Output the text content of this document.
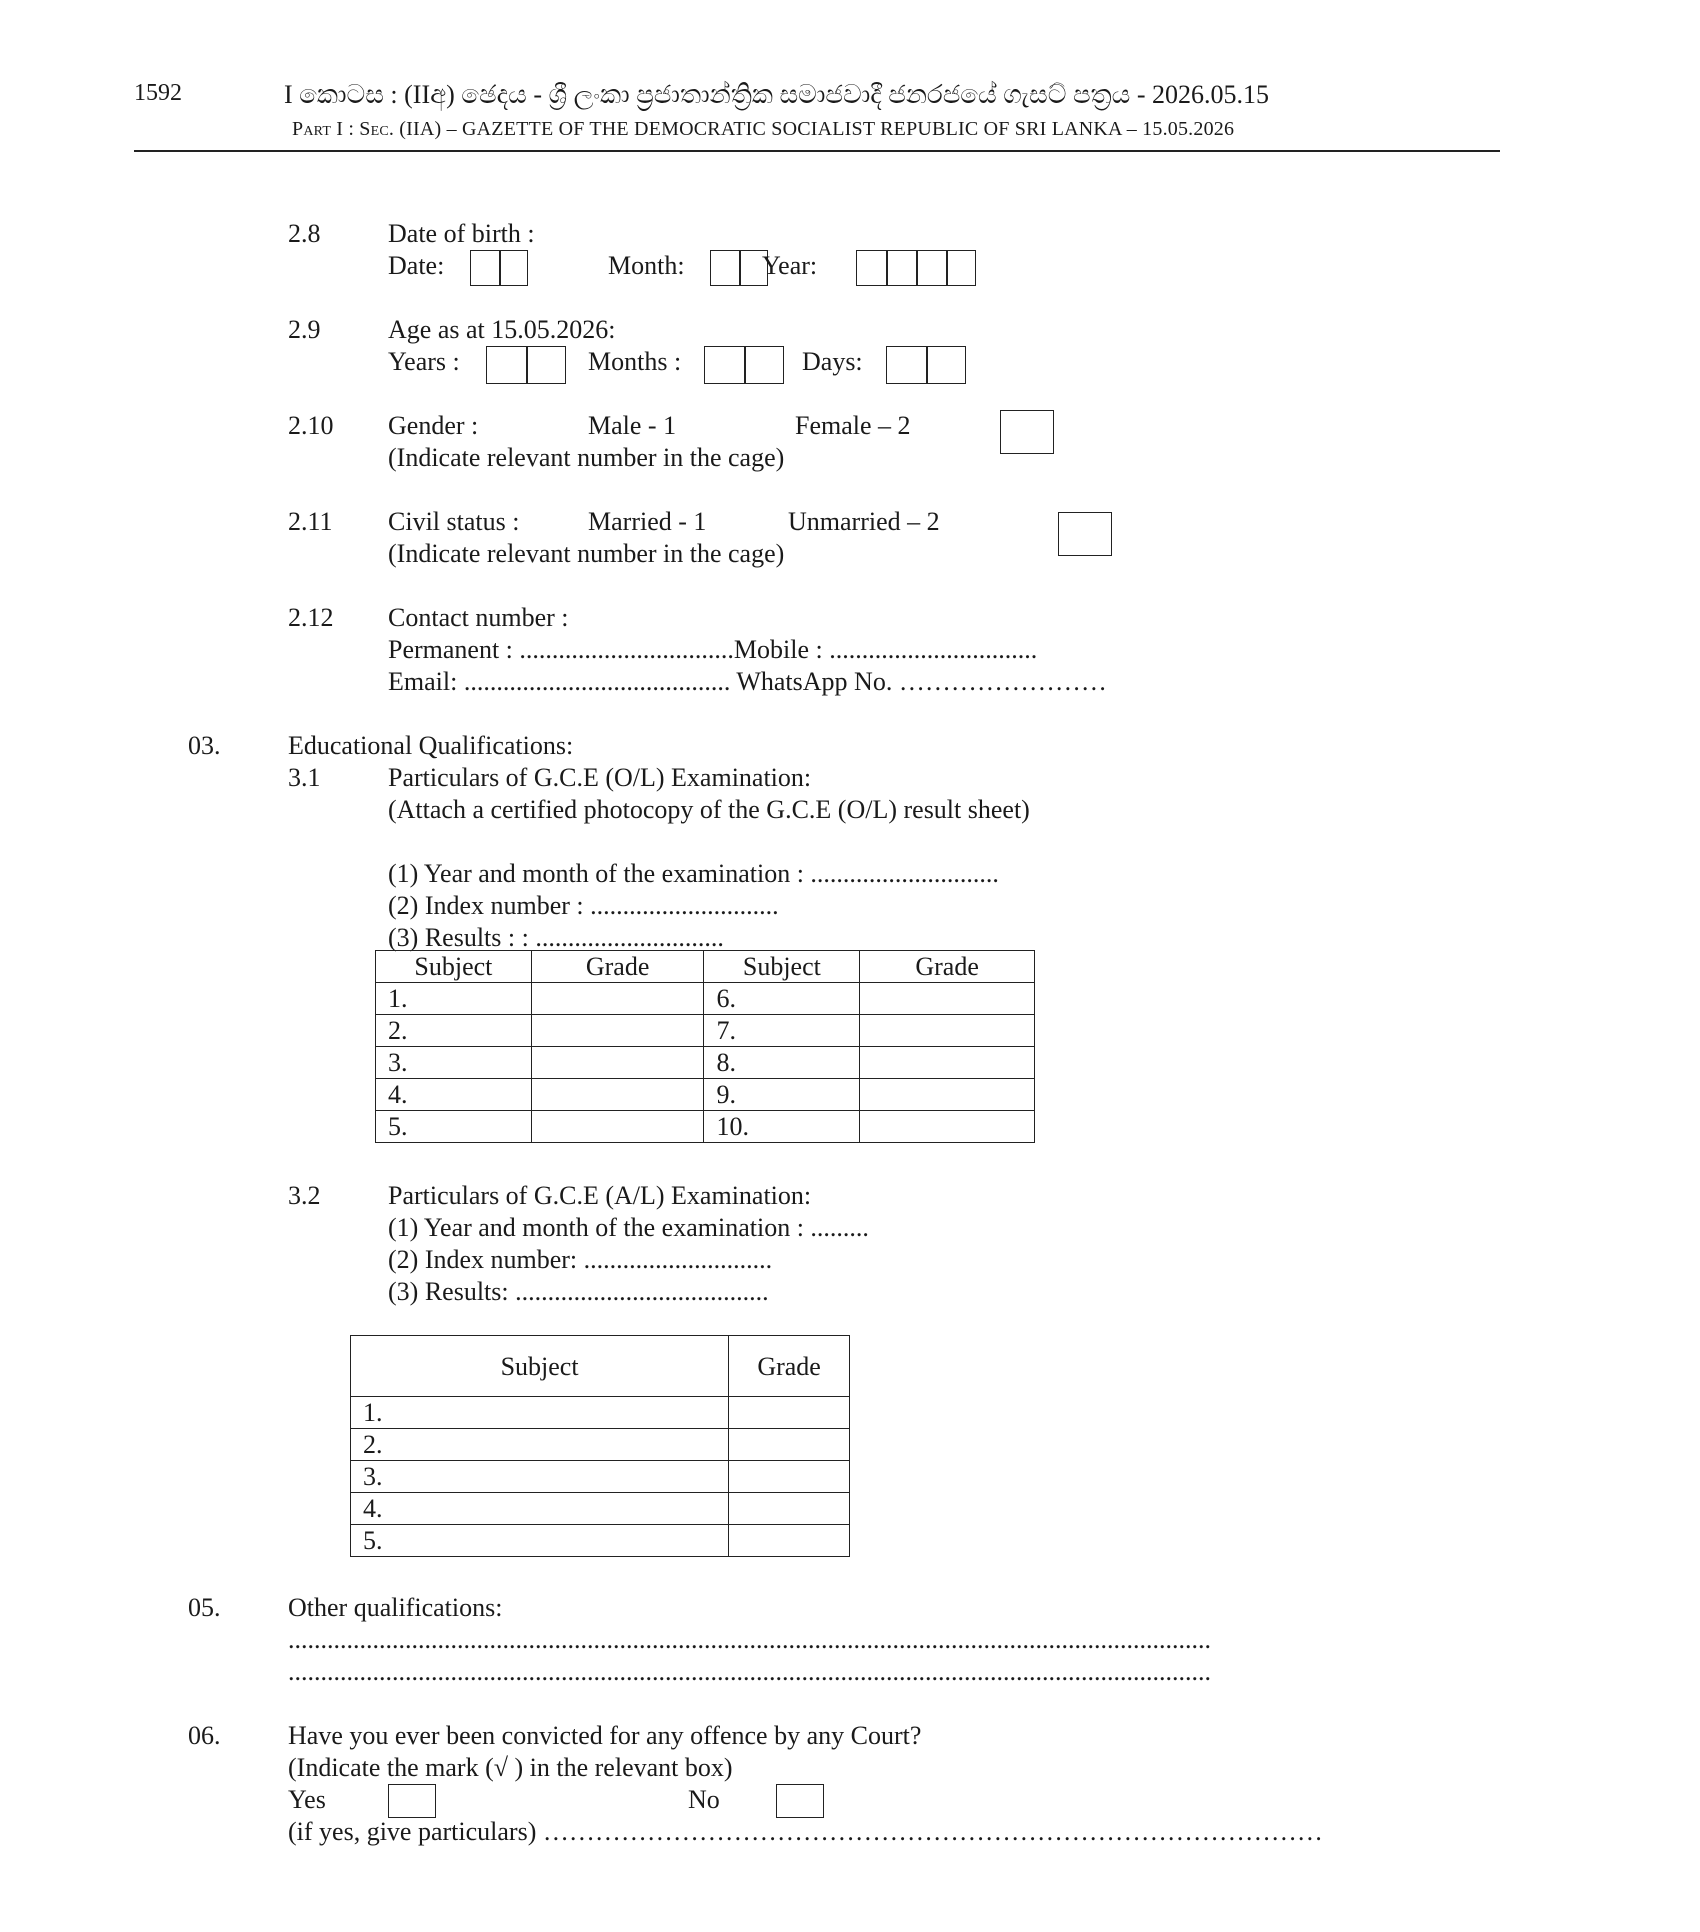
1592	I කොටස : (IIඅ) ඡෙදය - ශ්‍රී ලංකා ප්‍රජාතාන්ත්‍රික සමාජවාදී ජනරජයේ ගැසට් පත්‍රය - 2026.05.15
Part I : Sec. (IIA) – GAZETTE OF THE DEMOCRATIC SOCIALIST REPUBLIC OF SRI LANKA – 15.05.2026
2.8	Date of birth :
Date:	Month:	Year:
2.9	Age as at 15.05.2026:
Years :	Months :	Days:
2.10 Gender :	Male - 1	Female – 2
(Indicate relevant number in the cage)
2.11 Civil status :	Married - 1	Unmarried – 2
(Indicate relevant number in the cage)
2.12 Contact number :
Permanent : .................................Mobile : ................................
Email: ......................................... WhatsApp No. ……………………
03.	Educational Qualifications:
3.1	Particulars of G.C.E (O/L) Examination:
(Attach a certified photocopy of the G.C.E (O/L) result sheet)
(1) Year and month of the examination : .............................
(2) Index number : .............................
(3) Results : : .............................
Subject	Grade	Subject	Grade
1.		6.	
2.		7.	
3.		8.	
4.		9.	
5.		10.	
3.2	Particulars of G.C.E (A/L) Examination:
(1) Year and month of the examination : .........
(2) Index number: .............................
(3) Results: .......................................
Subject	Grade
1.	
2.	
3.	
4.	
5.	
05.	Other qualifications:
..............................................................................................................................................
..............................................................................................................................................
06.	Have you ever been convicted for any offence by any Court?
(Indicate the mark (√ ) in the relevant box)
Yes	No
(if yes, give particulars) ………………………………………………………………………………
